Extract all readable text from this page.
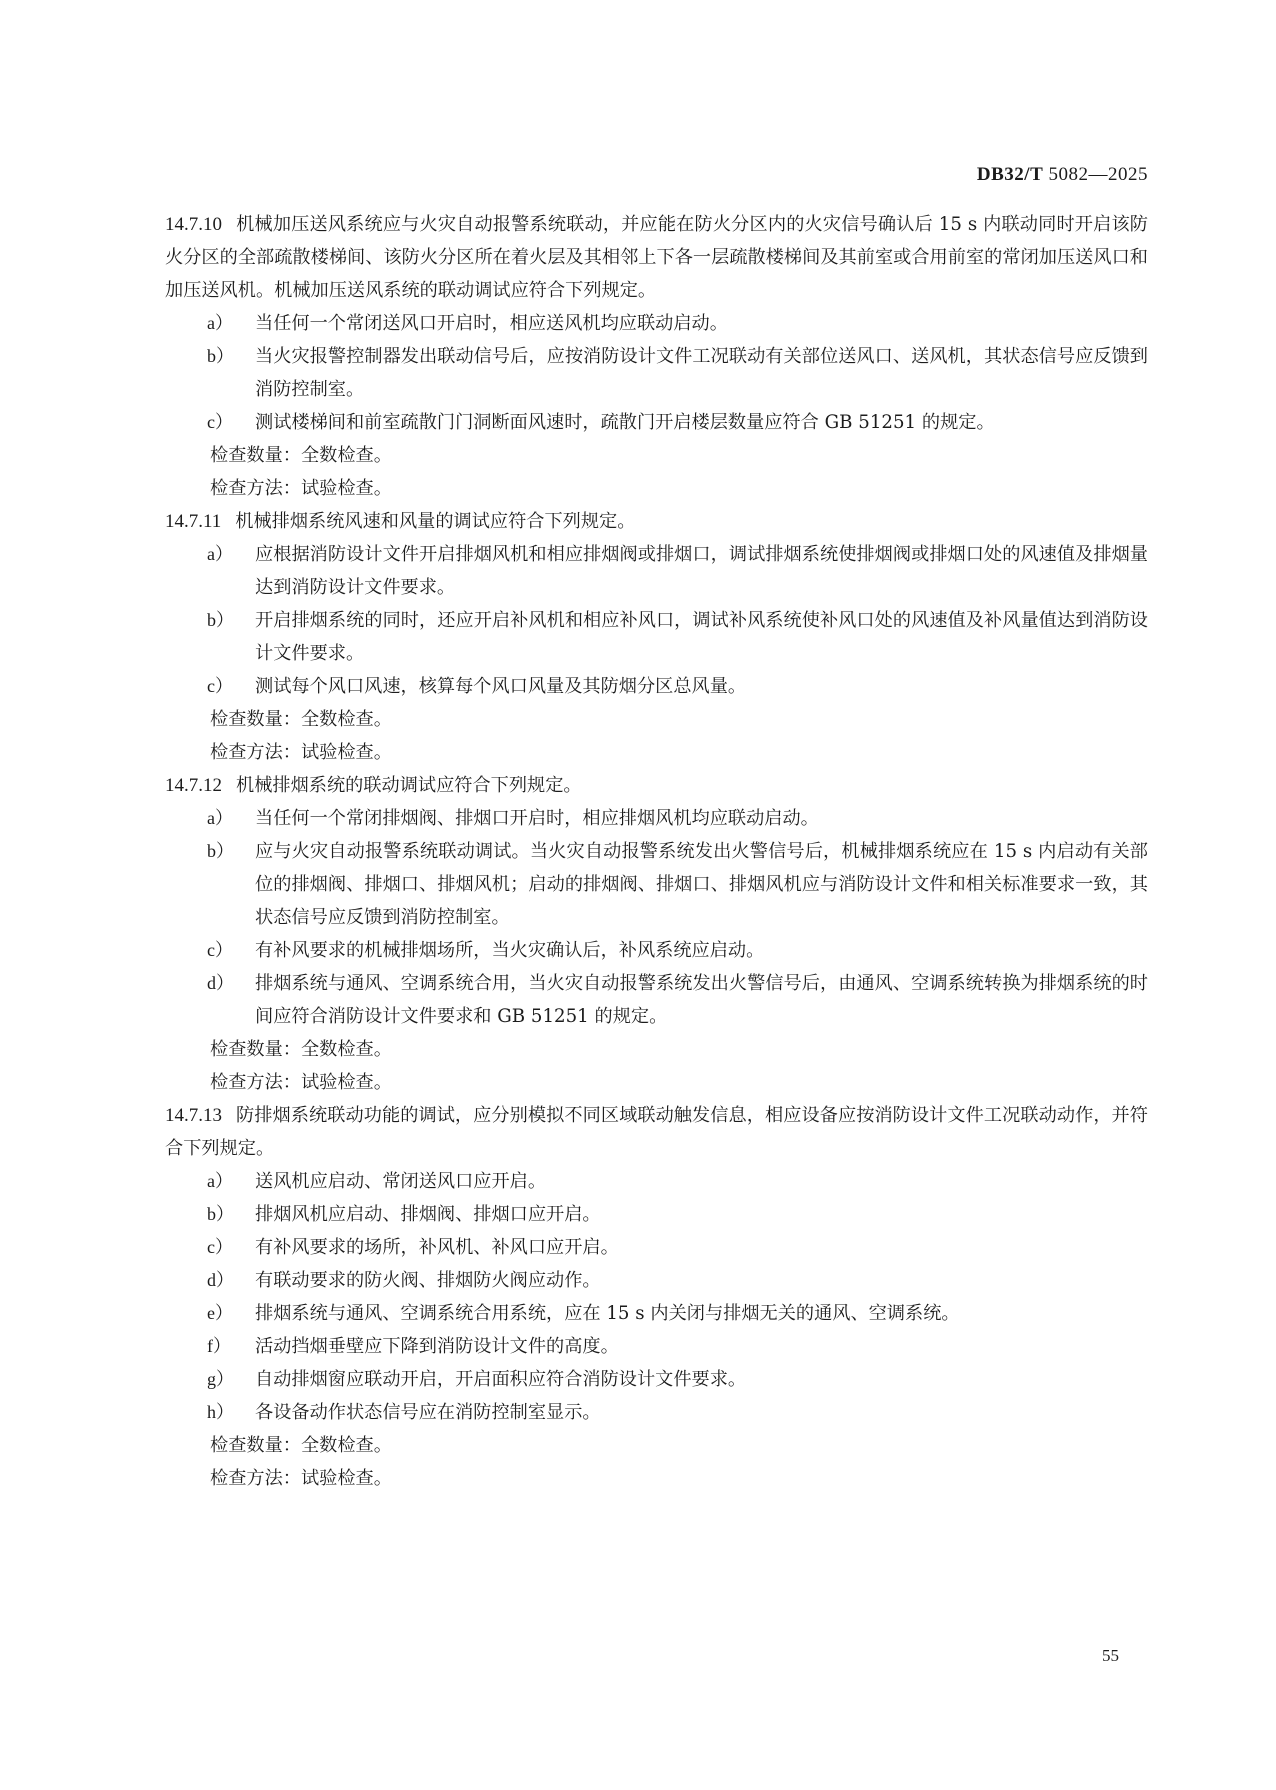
DB32/T 5082—2025

14.7.10 机械加压送风系统应与火灾自动报警系统联动，并应能在防火分区内的火灾信号确认后 15 s 内联动同时开启该防火分区的全部疏散楼梯间、该防火分区所在着火层及其相邻上下各一层疏散楼梯间及其前室或合用前室的常闭加压送风口和加压送风机。机械加压送风系统的联动调试应符合下列规定。

a） 当任何一个常闭送风口开启时，相应送风机均应联动启动。

b） 当火灾报警控制器发出联动信号后，应按消防设计文件工况联动有关部位送风口、送风机，其状态信号应反馈到消防控制室。

c） 测试楼梯间和前室疏散门门洞断面风速时，疏散门开启楼层数量应符合 GB 51251 的规定。

检查数量：全数检查。

检查方法：试验检查。

14.7.11 机械排烟系统风速和风量的调试应符合下列规定。

a） 应根据消防设计文件开启排烟风机和相应排烟阀或排烟口，调试排烟系统使排烟阀或排烟口处的风速值及排烟量达到消防设计文件要求。

b） 开启排烟系统的同时，还应开启补风机和相应补风口，调试补风系统使补风口处的风速值及补风量值达到消防设计文件要求。

c） 测试每个风口风速，核算每个风口风量及其防烟分区总风量。

检查数量：全数检查。

检查方法：试验检查。

14.7.12 机械排烟系统的联动调试应符合下列规定。

a） 当任何一个常闭排烟阀、排烟口开启时，相应排烟风机均应联动启动。

b） 应与火灾自动报警系统联动调试。当火灾自动报警系统发出火警信号后，机械排烟系统应在 15 s 内启动有关部位的排烟阀、排烟口、排烟风机；启动的排烟阀、排烟口、排烟风机应与消防设计文件和相关标准要求一致，其状态信号应反馈到消防控制室。

c） 有补风要求的机械排烟场所，当火灾确认后，补风系统应启动。

d） 排烟系统与通风、空调系统合用，当火灾自动报警系统发出火警信号后，由通风、空调系统转换为排烟系统的时间应符合消防设计文件要求和 GB 51251 的规定。

检查数量：全数检查。

检查方法：试验检查。

14.7.13 防排烟系统联动功能的调试，应分别模拟不同区域联动触发信息，相应设备应按消防设计文件工况联动动作，并符合下列规定。

a） 送风机应启动、常闭送风口应开启。

b） 排烟风机应启动、排烟阀、排烟口应开启。

c） 有补风要求的场所，补风机、补风口应开启。

d） 有联动要求的防火阀、排烟防火阀应动作。

e） 排烟系统与通风、空调系统合用系统，应在 15 s 内关闭与排烟无关的通风、空调系统。

f） 活动挡烟垂壁应下降到消防设计文件的高度。

g） 自动排烟窗应联动开启，开启面积应符合消防设计文件要求。

h） 各设备动作状态信号应在消防控制室显示。

检查数量：全数检查。

检查方法：试验检查。

55
